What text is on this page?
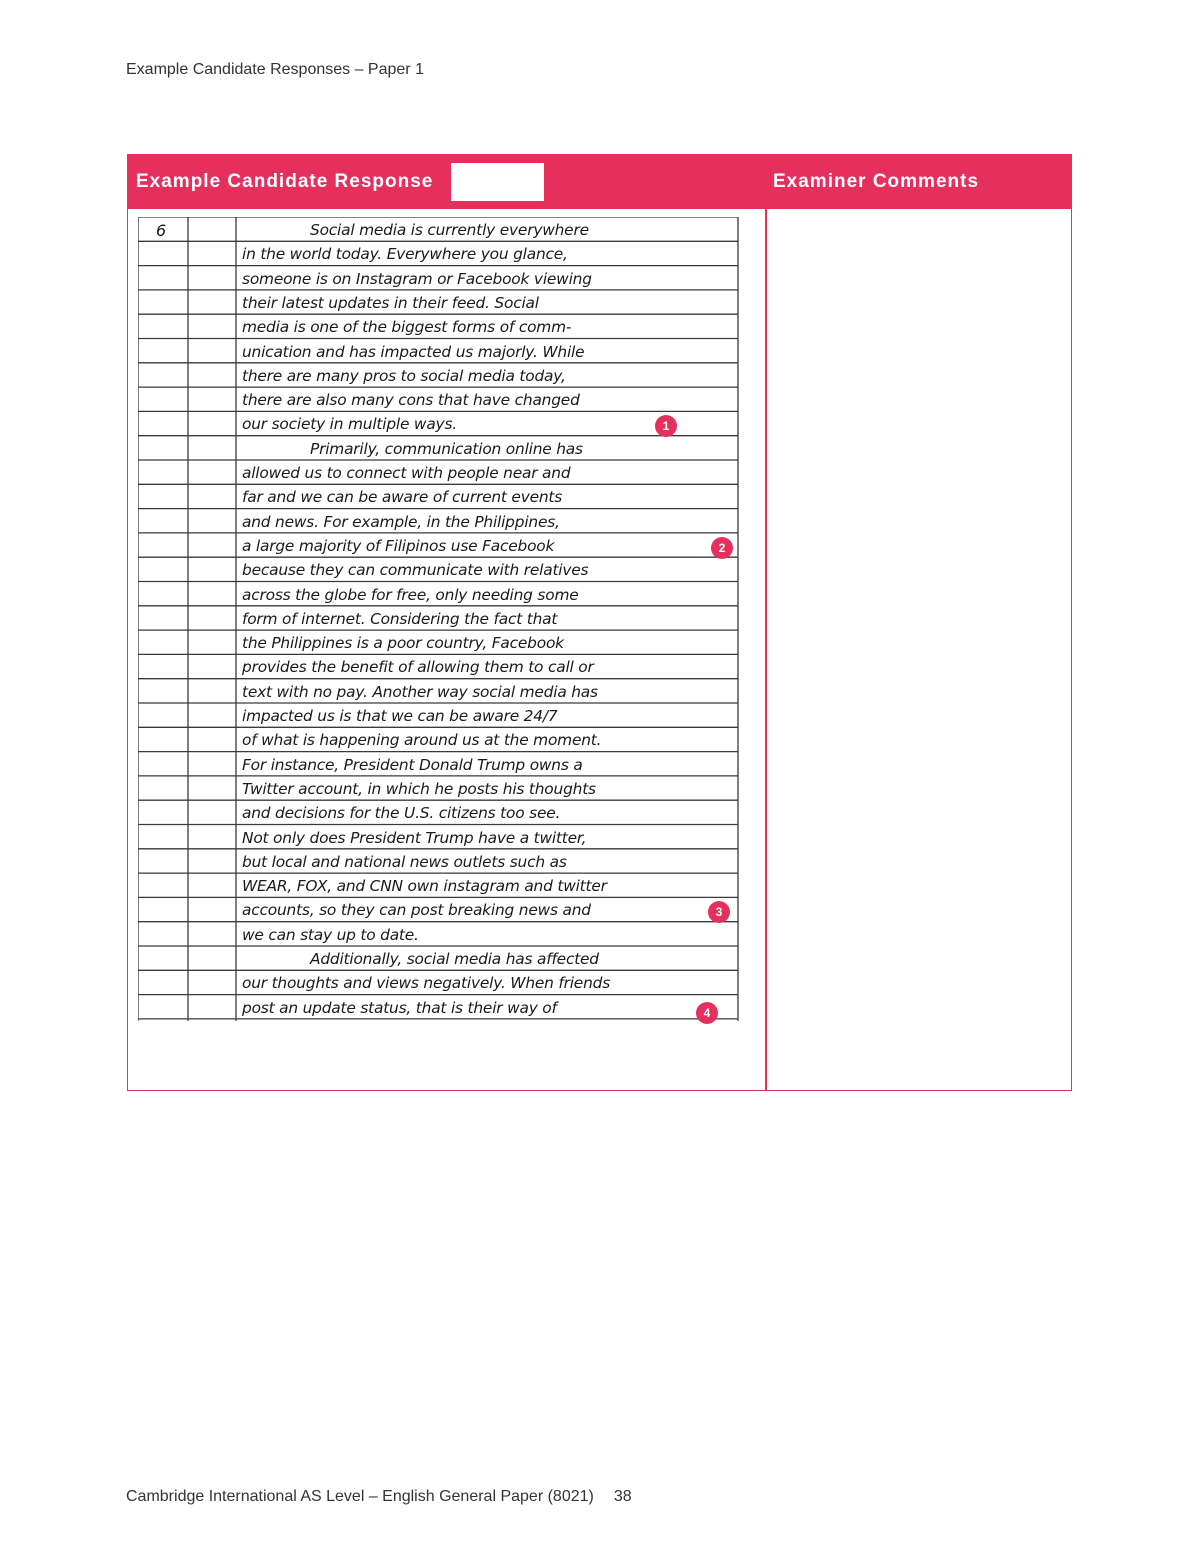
Example Candidate Responses – Paper 1
Example Candidate Response	Examiner Comments
6	Social media is currently everywhere
in the world today. Everywhere you glance,
someone is on Instagram or Facebook viewing
their latest updates in their feed. Social
media is one of the biggest forms of comm-
unication and has impacted us majorly. While
there are many pros to social media today,
there are also many cons that have changed
our society in multiple ways.
Primarily, communication online has
allowed us to connect with people near and
far and we can be aware of current events
and news. For example, in the Philippines,
a large majority of Filipinos use Facebook
because they can communicate with relatives
across the globe for free, only needing some
form of internet. Considering the fact that
the Philippines is a poor country, Facebook
provides the benefit of allowing them to call or
text with no pay. Another way social media has
impacted us is that we can be aware 24/7
of what is happening around us at the moment.
For instance, President Donald Trump owns a
Twitter account, in which he posts his thoughts
and decisions for the U.S. citizens too see.
Not only does President Trump have a twitter,
but local and national news outlets such as
WEAR, FOX, and CNN own instagram and twitter
accounts, so they can post breaking news and
we can stay up to date.
Additionally, social media has affected
our thoughts and views negatively. When friends
post an update status, that is their way of
1
2
3
4
Cambridge International AS Level – English General Paper (8021) 38
